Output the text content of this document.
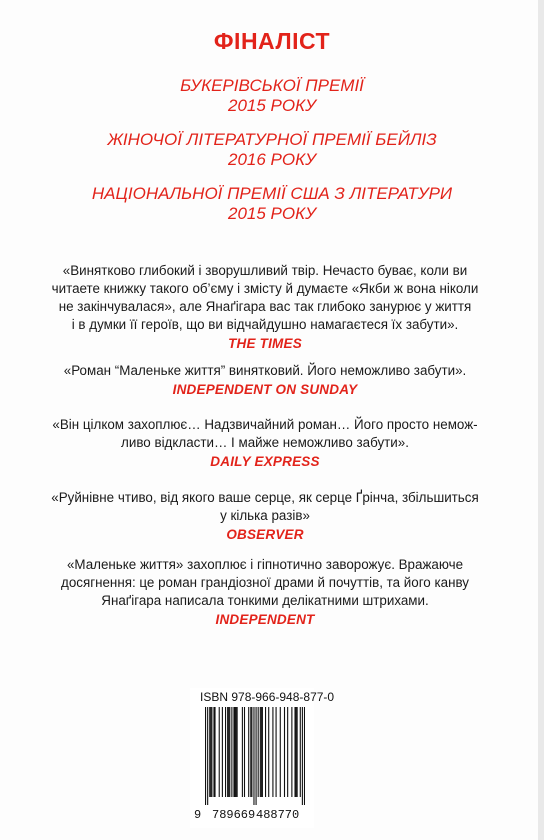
ФІНАЛІСТ
БУКЕРІВСЬКОЇ ПРЕМІЇ
2015 РОКУ
ЖІНОЧОЇ ЛІТЕРАТУРНОЇ ПРЕМІЇ БЕЙЛІЗ
2016 РОКУ
НАЦІОНАЛЬНОЇ ПРЕМІЇ США З ЛІТЕРАТУРИ
2015 РОКУ
«Винятково глибокий і зворушливий твір. Нечасто буває, коли ви
читаете книжку такого об’єму і змісту й думаєте «Якби ж вона ніколи
не закінчувалася», але Янаґігара вас так глибоко занурює у життя
і в думки її героїв, що ви відчайдушно намагаєтеся їх забути».
THE TIMES
«Роман “Маленьке життя” винятковий. Його неможливо забути».
INDEPENDENT ON SUNDAY
«Він цілком захоплює… Надзвичайний роман… Його просто немож-
ливо відкласти… І майже неможливо забути».
DAILY EXPRESS
«Руйнівне чтиво, від якого ваше серце, як серце Ґрінча, збільшиться
у кілька разів»
OBSERVER
«Маленьке життя» захоплює і гіпнотично заворожує. Вражаюче
досягнення: це роман грандіозної драми й почуттів, та його канву
Янаґігара написала тонкими делікатними штрихами.
INDEPENDENT
ISBN 978-966-948-877-0
9 789669 488770
